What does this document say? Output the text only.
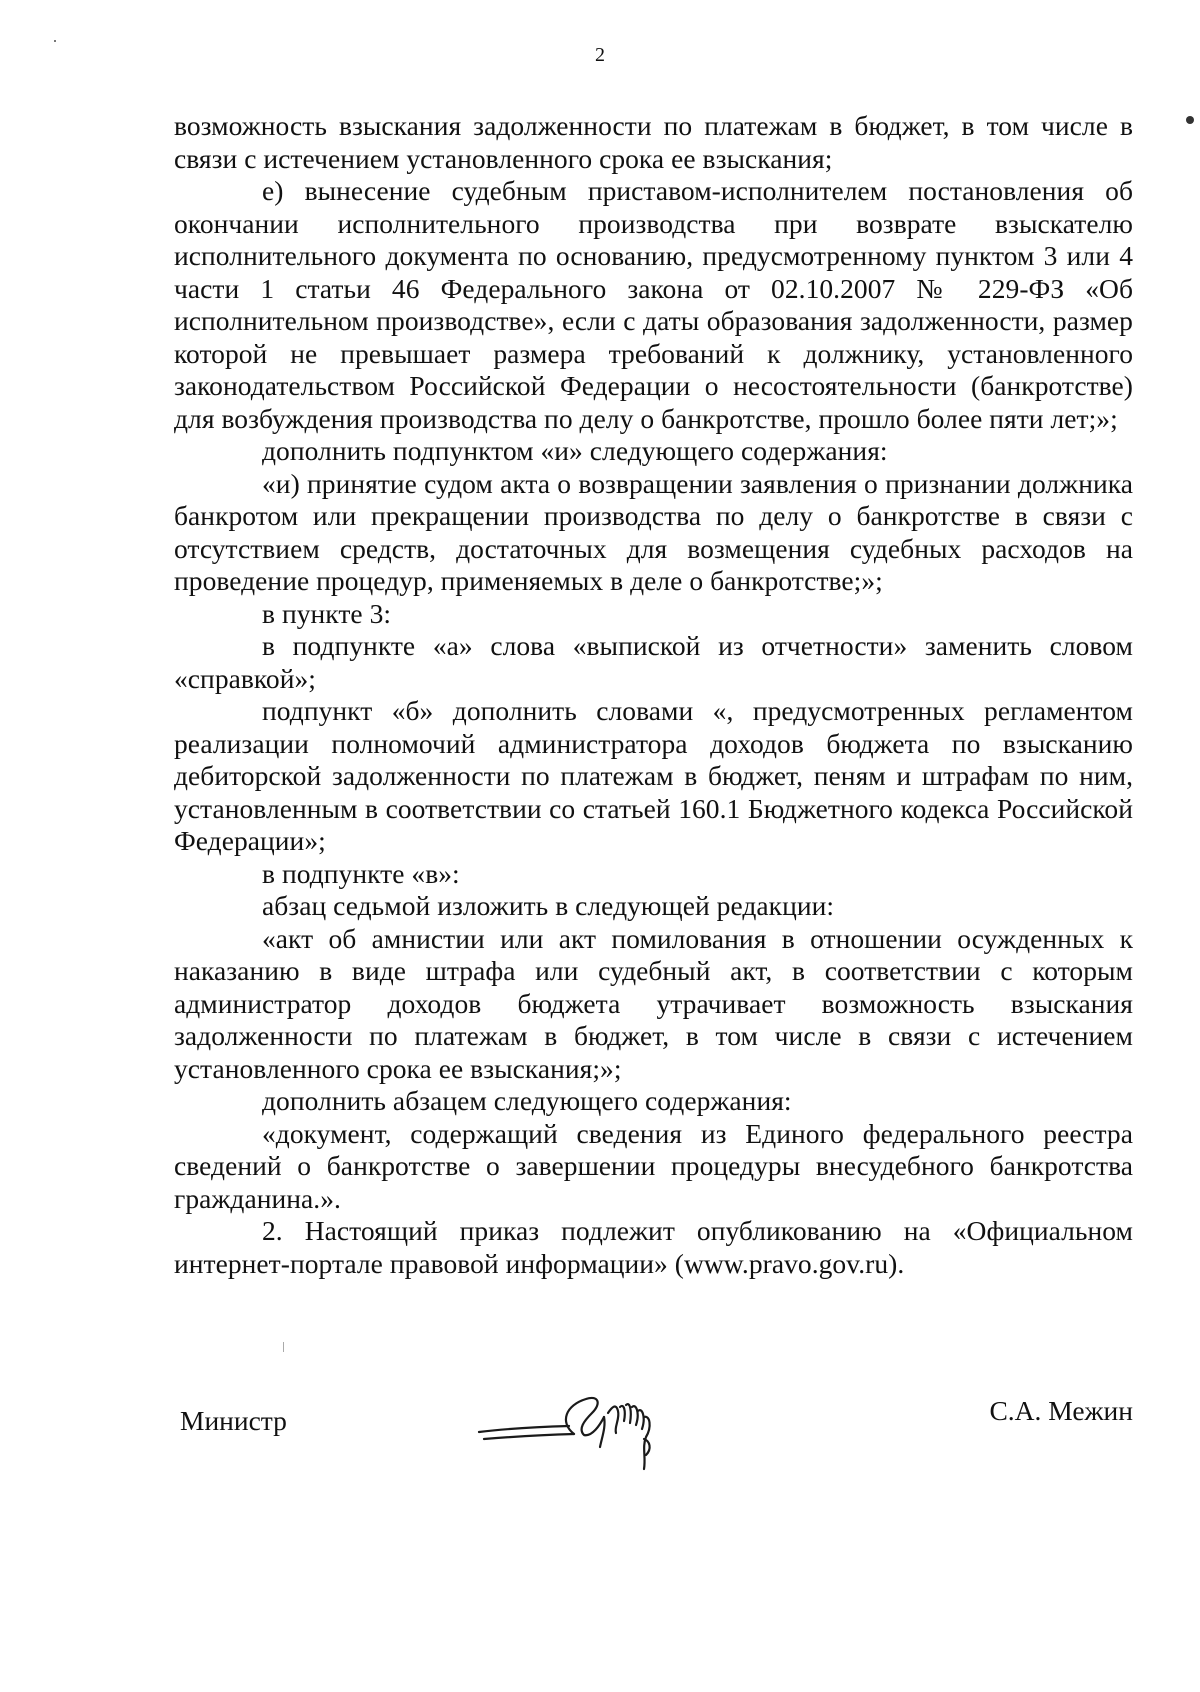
2

возможность взыскания задолженности по платежам в бюджет, в том числе в связи с истечением установленного срока ее взыскания;

е) вынесение судебным приставом-исполнителем постановления об окончании исполнительного производства при возврате взыскателю исполнительного документа по основанию, предусмотренному пунктом 3 или 4 части 1 статьи 46 Федерального закона от 02.10.2007 № 229-ФЗ «Об исполнительном производстве», если с даты образования задолженности, размер которой не превышает размера требований к должнику, установленного законодательством Российской Федерации о несостоятельности (банкротстве) для возбуждения производства по делу о банкротстве, прошло более пяти лет;»;

дополнить подпунктом «и» следующего содержания:

«и) принятие судом акта о возвращении заявления о признании должника банкротом или прекращении производства по делу о банкротстве в связи с отсутствием средств, достаточных для возмещения судебных расходов на проведение процедур, применяемых в деле о банкротстве;»;

в пункте 3:

в подпункте «а» слова «выпиской из отчетности» заменить словом «справкой»;

подпункт «б» дополнить словами «, предусмотренных регламентом реализации полномочий администратора доходов бюджета по взысканию дебиторской задолженности по платежам в бюджет, пеням и штрафам по ним, установленным в соответствии со статьей 160.1 Бюджетного кодекса Российской Федерации»;

в подпункте «в»:

абзац седьмой изложить в следующей редакции:

«акт об амнистии или акт помилования в отношении осужденных к наказанию в виде штрафа или судебный акт, в соответствии с которым администратор доходов бюджета утрачивает возможность взыскания задолженности по платежам в бюджет, в том числе в связи с истечением установленного срока ее взыскания;»;

дополнить абзацем следующего содержания:

«документ, содержащий сведения из Единого федерального реестра сведений о банкротстве о завершении процедуры внесудебного банкротства гражданина.».

2. Настоящий приказ подлежит опубликованию на «Официальном интернет-портале правовой информации» (www.pravo.gov.ru).

Министр	С.А. Межин
